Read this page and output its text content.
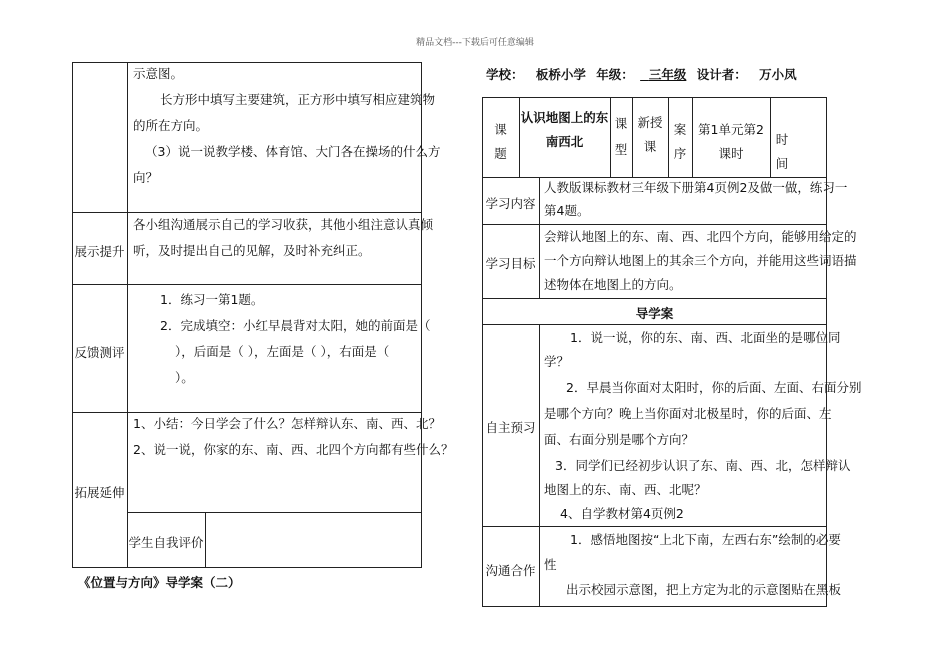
精品文档---下载后可任意编辑
示意图。
长方形中填写主要建筑，正方形中填写相应建筑物
的所在方向。
（3）说一说教学楼、体育馆、大门各在操场的什么方
向？
展示提升
各小组沟通展示自己的学习收获，其他小组注意认真倾
听，及时提出自己的见解，及时补充纠正。
反馈测评
1．练习一第1题。
2．完成填空：小红早晨背对太阳，她的前面是（
），后面是（ ），左面是（ ），右面是（
）。
拓展延伸
1、小结：今日学会了什么？怎样辩认东、南、西、北？
2、说一说，你家的东、南、西、北四个方向都有些什么？
学生自我评价
《位置与方向》导学案（二）
学校： 板桥小学 年级： 三年级 设计者： 万小凤
课
题
认识地图上的东
南西北
课
型
新授
课
案
序
第1单元第2
课时
时
间
学习内容
人教版课标教材三年级下册第4页例2及做一做，练习一
第4题。
学习目标
会辩认地图上的东、南、西、北四个方向，能够用给定的
一个方向辩认地图上的其余三个方向，并能用这些词语描
述物体在地图上的方向。
导学案
自主预习
1．说一说，你的东、南、西、北面坐的是哪位同
学？
2．早晨当你面对太阳时，你的后面、左面、右面分别
是哪个方向？晚上当你面对北极星时，你的后面、左
面、右面分别是哪个方向？
3．同学们已经初步认识了东、南、西、北，怎样辩认
地图上的东、南、西、北呢？
4、自学教材第4页例2
沟通合作
1．感悟地图按“上北下南，左西右东”绘制的必要
性
出示校园示意图，把上方定为北的示意图贴在黑板
